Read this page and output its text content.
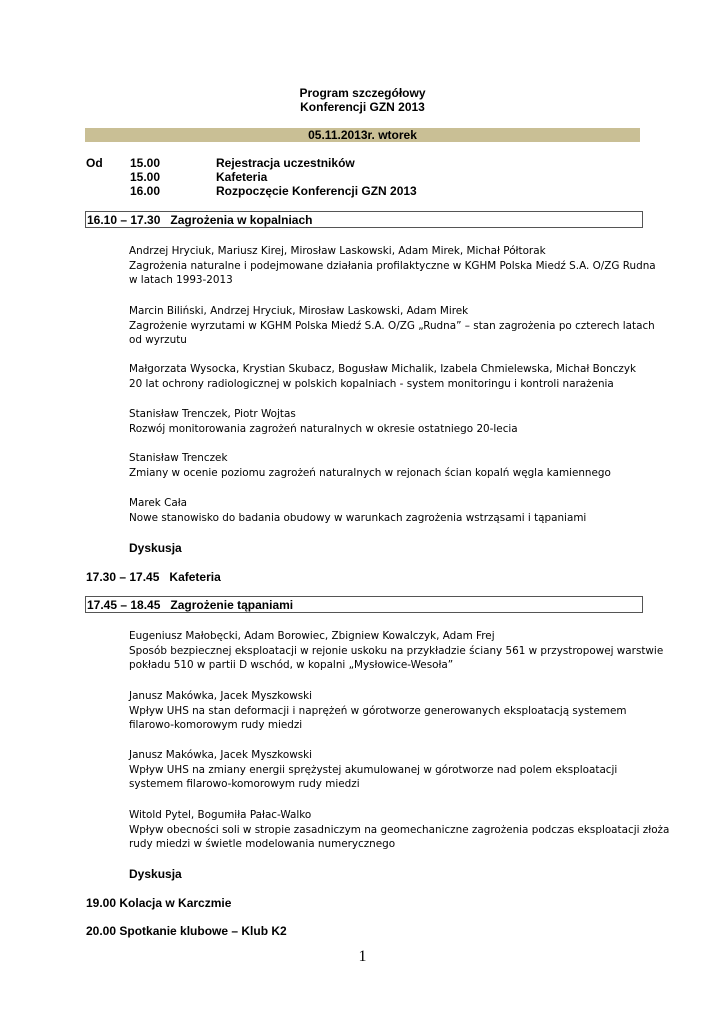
Program szczegółowy
Konferencji GZN 2013
05.11.2013r. wtorek
Od 15.00	Rejestracja uczestników
15.00	Kafeteria
16.00	Rozpoczęcie Konferencji GZN 2013
16.10 – 17.30 Zagrożenia w kopalniach
Andrzej Hryciuk, Mariusz Kirej, Mirosław Laskowski, Adam Mirek, Michał Półtorak
Zagrożenia naturalne i podejmowane działania profilaktyczne w KGHM Polska Miedź S.A. O/ZG Rudna
w latach 1993-2013
Marcin Biliński, Andrzej Hryciuk, Mirosław Laskowski, Adam Mirek
Zagrożenie wyrzutami w KGHM Polska Miedź S.A. O/ZG „Rudna” – stan zagrożenia po czterech latach
od wyrzutu
Małgorzata Wysocka, Krystian Skubacz, Bogusław Michalik, Izabela Chmielewska, Michał Bonczyk
20 lat ochrony radiologicznej w polskich kopalniach - system monitoringu i kontroli narażenia
Stanisław Trenczek, Piotr Wojtas
Rozwój monitorowania zagrożeń naturalnych w okresie ostatniego 20-lecia
Stanisław Trenczek
Zmiany w ocenie poziomu zagrożeń naturalnych w rejonach ścian kopalń węgla kamiennego
Marek Cała
Nowe stanowisko do badania obudowy w warunkach zagrożenia wstrząsami i tąpaniami
Dyskusja
17.30 – 17.45 Kafeteria
17.45 – 18.45 Zagrożenie tąpaniami
Eugeniusz Małobęcki, Adam Borowiec, Zbigniew Kowalczyk, Adam Frej
Sposób bezpiecznej eksploatacji w rejonie uskoku na przykładzie ściany 561 w przystropowej warstwie
pokładu 510 w partii D wschód, w kopalni „Mysłowice-Wesoła”
Janusz Makówka, Jacek Myszkowski
Wpływ UHS na stan deformacji i naprężeń w górotworze generowanych eksploatacją systemem
filarowo-komorowym rudy miedzi
Janusz Makówka, Jacek Myszkowski
Wpływ UHS na zmiany energii sprężystej akumulowanej w górotworze nad polem eksploatacji
systemem filarowo-komorowym rudy miedzi
Witold Pytel, Bogumiła Pałac-Walko
Wpływ obecności soli w stropie zasadniczym na geomechaniczne zagrożenia podczas eksploatacji złoża
rudy miedzi w świetle modelowania numerycznego
Dyskusja
19.00 Kolacja w Karczmie
20.00 Spotkanie klubowe – Klub K2
1
